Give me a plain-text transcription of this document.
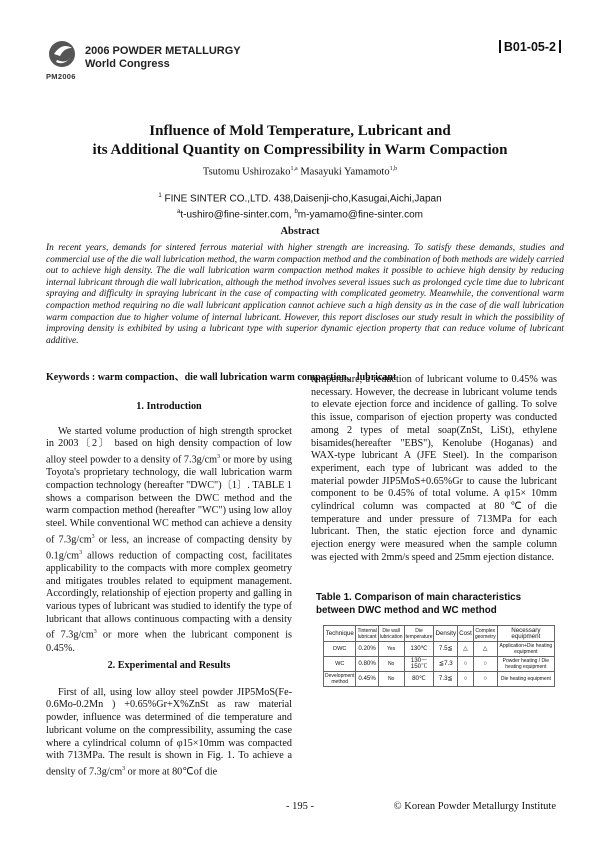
PM2006
2006 POWDER METALLURGY
World Congress
B01-05-2
Influence of Mold Temperature, Lubricant and
its Additional Quantity on Compressibility in Warm Compaction
Tsutomu Ushirozako$^{1,a}$ Masayuki Yamamoto$^{1,b}$
$^1$ FINE SINTER CO.,LTD. 438,Daisenji-cho,Kasugai,Aichi,Japan
$^a$t-ushiro@fine-sinter.com, $^b$m-yamamo@fine-sinter.com
Abstract
In recent years, demands for sintered ferrous material with higher strength are increasing. To satisfy these demands, studies and commercial use of the die wall lubrication method, the warm compaction method and the combination of both methods are widely carried out to achieve high density. The die wall lubrication warm compaction method makes it possible to achieve high density by reducing internal lubricant through die wall lubrication, although the method involves several issues such as prolonged cycle time due to lubricant spraying and difficulty in spraying lubricant in the case of compacting with complicated geometry. Meanwhile, the conventional warm compaction method requiring no die wall lubricant application cannot achieve such a high density as in the case of die wall lubrication warm compaction due to higher volume of internal lubricant. However, this report discloses our study result in which the possibility of improving density is exhibited by using a lubricant type with superior dynamic ejection property that can reduce volume of lubricant additive.
Keywords : warm compaction、die wall lubrication warm compaction、lubricant
1. Introduction

We started volume production of high strength sprocket in 2003〔2〕 based on high density compaction of low alloy steel powder to a density of $7.3g/cm^3$ or more by using Toyota's proprietary technology, die wall lubrication warm compaction technology (hereafter "DWC")〔1〕. TABLE 1 shows a comparison between the DWC method and the warm compaction method (hereafter "WC") using low alloy steel. While conventional WC method can achieve a density of $7.3g/cm^3$ or less, an increase of compacting density by $0.1g/cm^3$ allows reduction of compacting cost, facilitates applicability to the compacts with more complex geometry and mitigates troubles related to equipment management. Accordingly, relationship of ejection property and galling in various types of lubricant was studied to identify the type of lubricant that allows continuous compacting with a density of $7.3g/cm^3$ or more when the lubricant component is 0.45%.

2. Experimental and Results

First of all, using low alloy steel powder JIP5MoS(Fe-0.6Mo-0.2Mn ) +0.65%Gr+X%ZnSt as raw material powder, influence was determined of die temperature and lubricant volume on the compressibility, assuming the case where a cylindrical column of φ15×10mm was compacted with 713MPa. The result is shown in Fig. 1. To achieve a density of $7.3g/cm^3$ or more at 80℃of die

temperature, a reduction of lubricant volume to 0.45% was necessary. However, the decrease in lubricant volume tends to elevate ejection force and incidence of galling. To solve this issue, comparison of ejection property was conducted among 2 types of metal soap(ZnSt, LiSt), ethylene bisamides(hereafter "EBS"), Kenolube (Hoganas) and WAX-type lubricant A (JFE Steel). In the comparison experiment, each type of lubricant was added to the material powder JIP5MoS+0.65%Gr to cause the lubricant component to be 0.45% of total volume. A φ15× 10mm cylindrical column was compacted at 80℃of die temperature and under pressure of 713MPa for each lubricant. Then, the static ejection force and dynamic ejection energy were measured when the sample column was ejected with 2mm/s speed and 25mm ejection distance.

Table 1. Comparison of main characteristics between DWC method and WC method
Technique	Tinternal lubricant	Die wall lubrication	Die temperature	Density	Cost	Complex geometry	Necessary equipment
DWC	0.20%	Yes	130℃	7.5≦	△	△	Application+Die heating equipment
WC	0.80%	No	130～150℃	≦7.3	○	○	Powder heating / Die heating equipment
Development method	0.45%	No	80℃	7.3≦	○	○	Die heating equipment
- 195 -	© Korean Powder Metallurgy Institute
